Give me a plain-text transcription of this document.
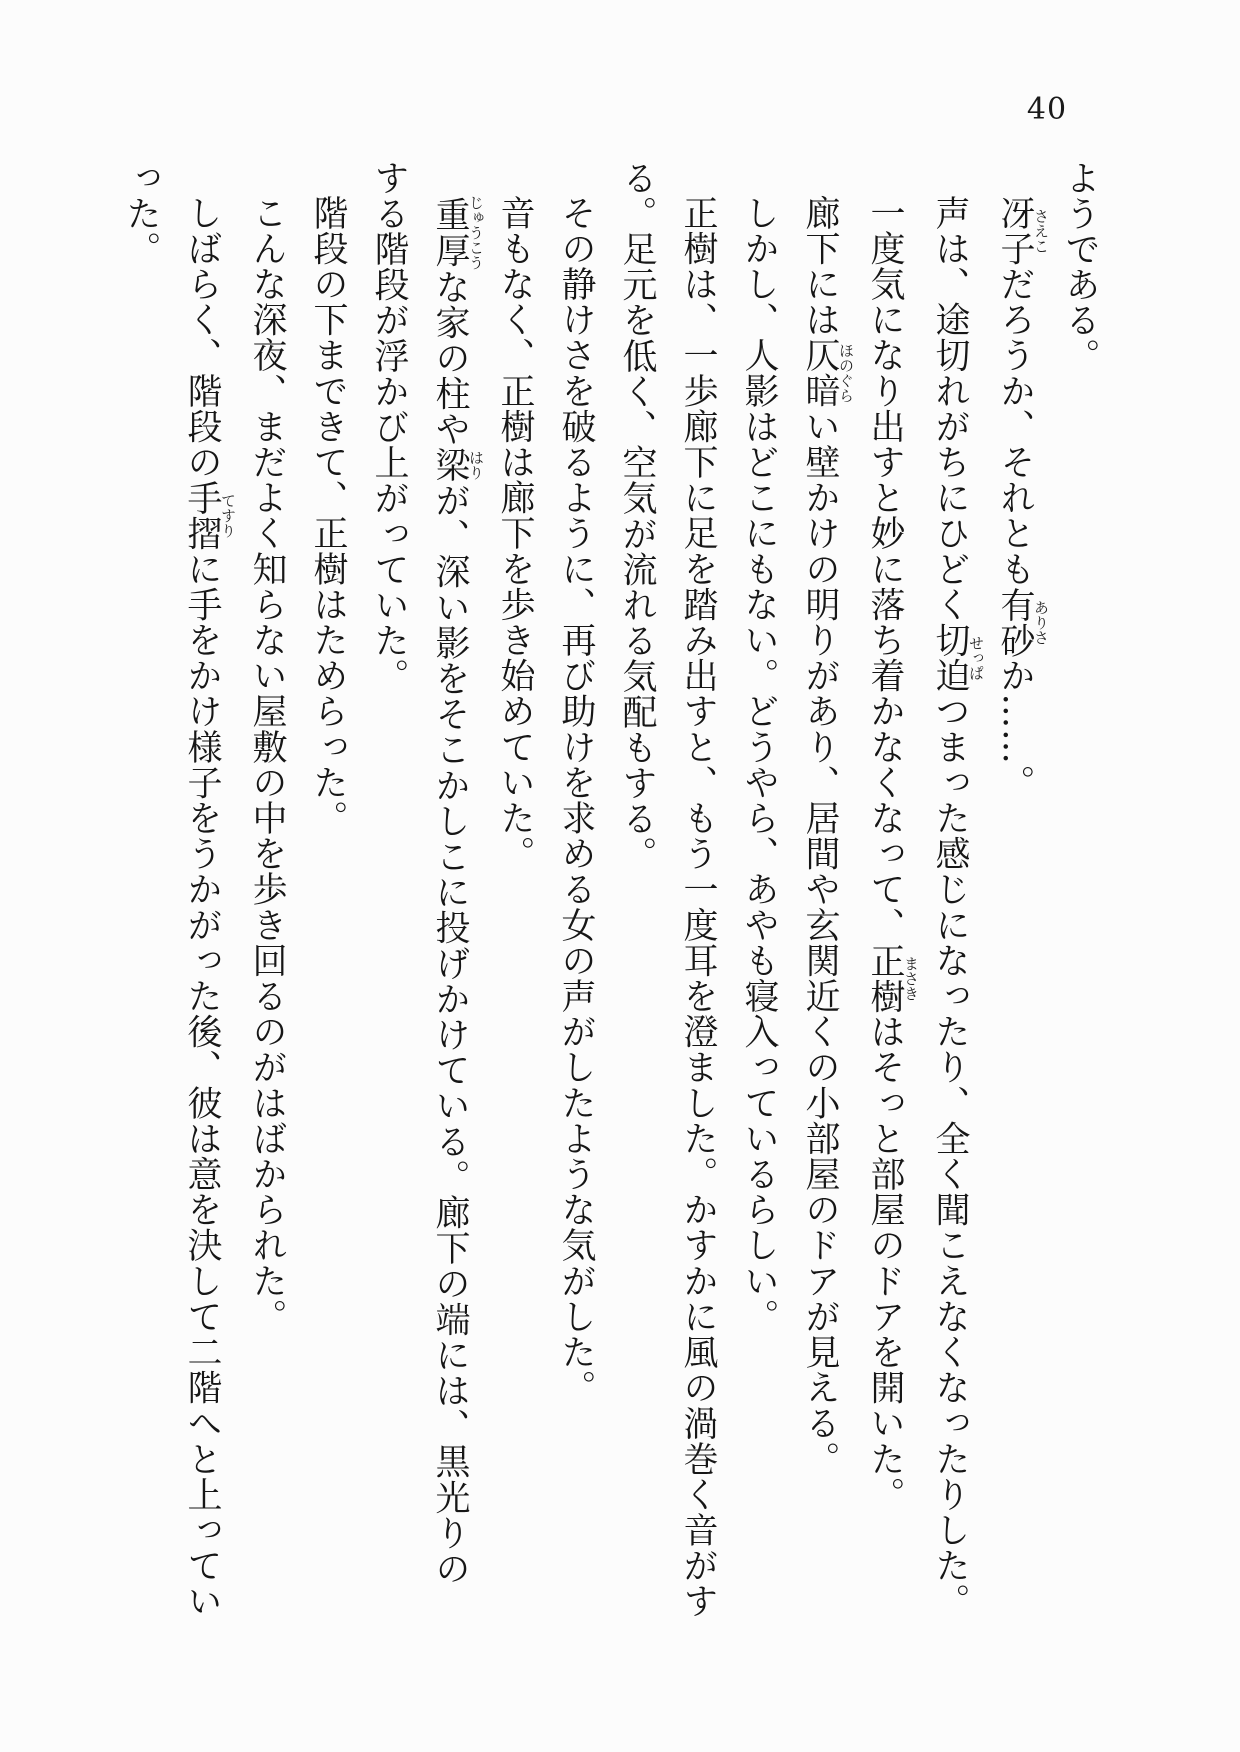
40

ようである。

冴子さえこだろうか、それとも有砂ありさか……。

声は、途切れがちにひどく切迫せっぱつまった感じになったり、全く聞こえなくなったりした。

一度気になり出すと妙に落ち着かなくなって、正樹まさきはそっと部屋のドアを開いた。

廊下には仄暗ほのぐらい壁かけの明りがあり、居間や玄関近くの小部屋のドアが見える。

しかし、人影はどこにもない。どうやら、あやも寝入っているらしい。

正樹は、一歩廊下に足を踏み出すと、もう一度耳を澄ました。かすかに風の渦巻く音がする。足元を低く、空気が流れる気配もする。

その静けさを破るように、再び助けを求める女の声がしたような気がした。

音もなく、正樹は廊下を歩き始めていた。

重厚じゅうこうな家の柱や梁はりが、深い影をそこかしこに投げかけている。廊下の端には、黒光りのする階段が浮かび上がっていた。

階段の下まできて、正樹はためらった。

こんな深夜、まだよく知らない屋敷の中を歩き回るのがはばかられた。

しばらく、階段の手摺てすりに手をかけ様子をうかがった後、彼は意を決して二階へと上っていった。
